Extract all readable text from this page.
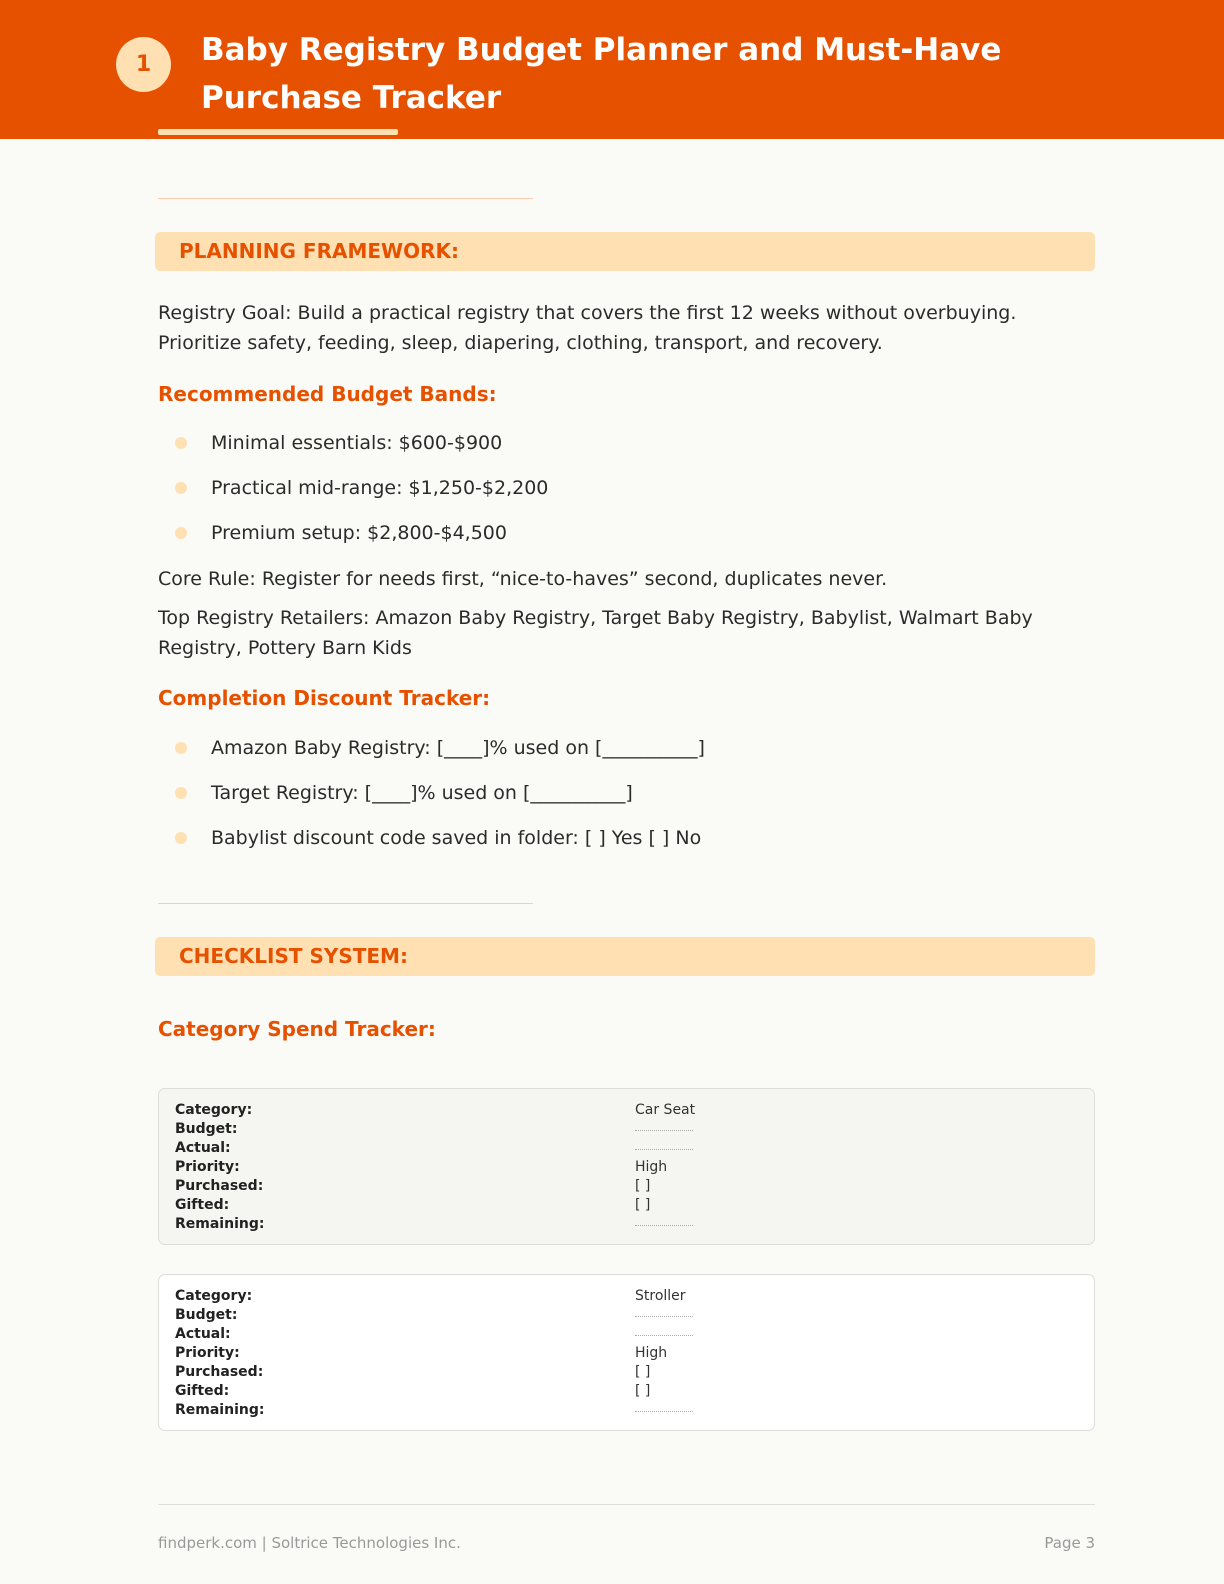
1	Baby Registry Budget Planner and Must-Have Purchase Tracker
PLANNING FRAMEWORK:

Registry Goal: Build a practical registry that covers the first 12 weeks without overbuying. Prioritize safety, feeding, sleep, diapering, clothing, transport, and recovery.

Recommended Budget Bands:
Minimal essentials: $600-$900
Practical mid-range: $1,250-$2,200
Premium setup: $2,800-$4,500

Core Rule: Register for needs first, “nice-to-haves” second, duplicates never.

Top Registry Retailers: Amazon Baby Registry, Target Baby Registry, Babylist, Walmart Baby Registry, Pottery Barn Kids

Completion Discount Tracker:
Amazon Baby Registry: [____]% used on [__________]
Target Registry: [____]% used on [__________]
Babylist discount code saved in folder: [ ] Yes [ ] No
CHECKLIST SYSTEM:
Category Spend Tracker:
Category:	Car Seat
Budget:
Actual:
Priority:	High
Purchased:	[ ]
Gifted:	[ ]
Remaining:
Category:	Stroller
Budget:
Actual:
Priority:	High
Purchased:	[ ]
Gifted:	[ ]
Remaining:
findperk.com | Soltrice Technologies Inc.	Page 3
